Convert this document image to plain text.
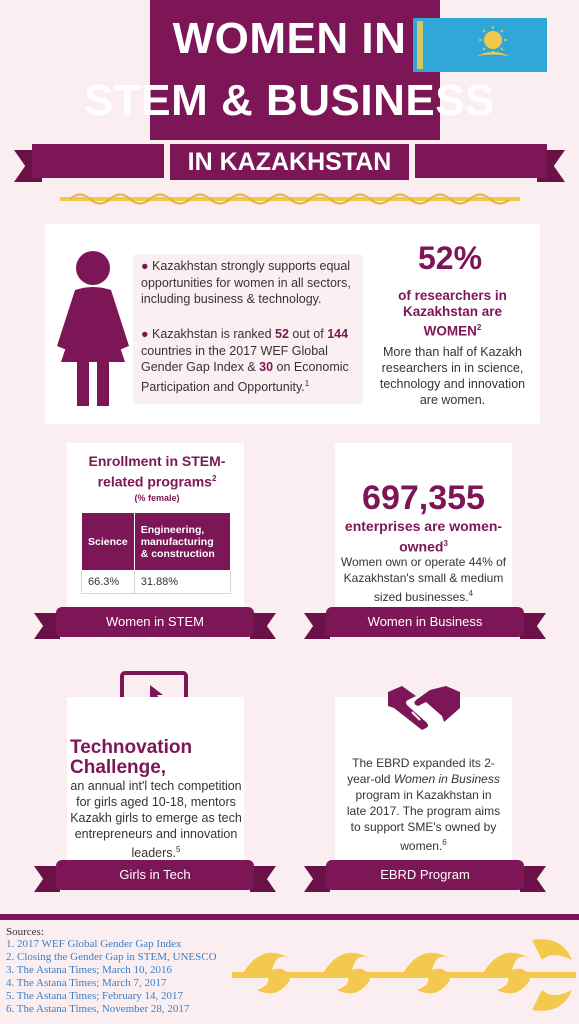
WOMEN IN
STEM & BUSINESS
IN KAZAKHSTAN
● Kazakhstan strongly supports equal opportunities for women in all sectors, including business & technology.
● Kazakhstan is ranked 52 out of 144 countries in the 2017 WEF Global Gender Gap Index & 30 on Economic Participation and Opportunity.$^1$
52%
of researchers in Kazakhstan are WOMEN$^2$
More than half of Kazakh researchers in in science, technology and innovation are women.
Enrollment in STEM-related programs$^2$
(% female)
Science	Engineering, manufacturing & construction
66.3%	31.88%
Women in STEM
697,355
enterprises are women-owned$^3$
Women own or operate 44% of Kazakhstan's small & medium sized businesses.$^4$
Women in Business
Technovation Challenge,
an annual int'l tech competition for girls aged 10-18, mentors Kazakh girls to emerge as tech entrepreneurs and innovation leaders.$^5$
Girls in Tech
The EBRD expanded its 2-year-old Women in Business program in Kazakhstan in late 2017. The program aims to support SME's owned by women.$^6$
EBRD Program
Sources:
1. 2017 WEF Global Gender Gap Index
2. Closing the Gender Gap in STEM, UNESCO
3. The Astana Times; March 10, 2016
4. The Astana Times; March 7, 2017
5. The Astana Times; February 14, 2017
6. The Astana Times, November 28, 2017
